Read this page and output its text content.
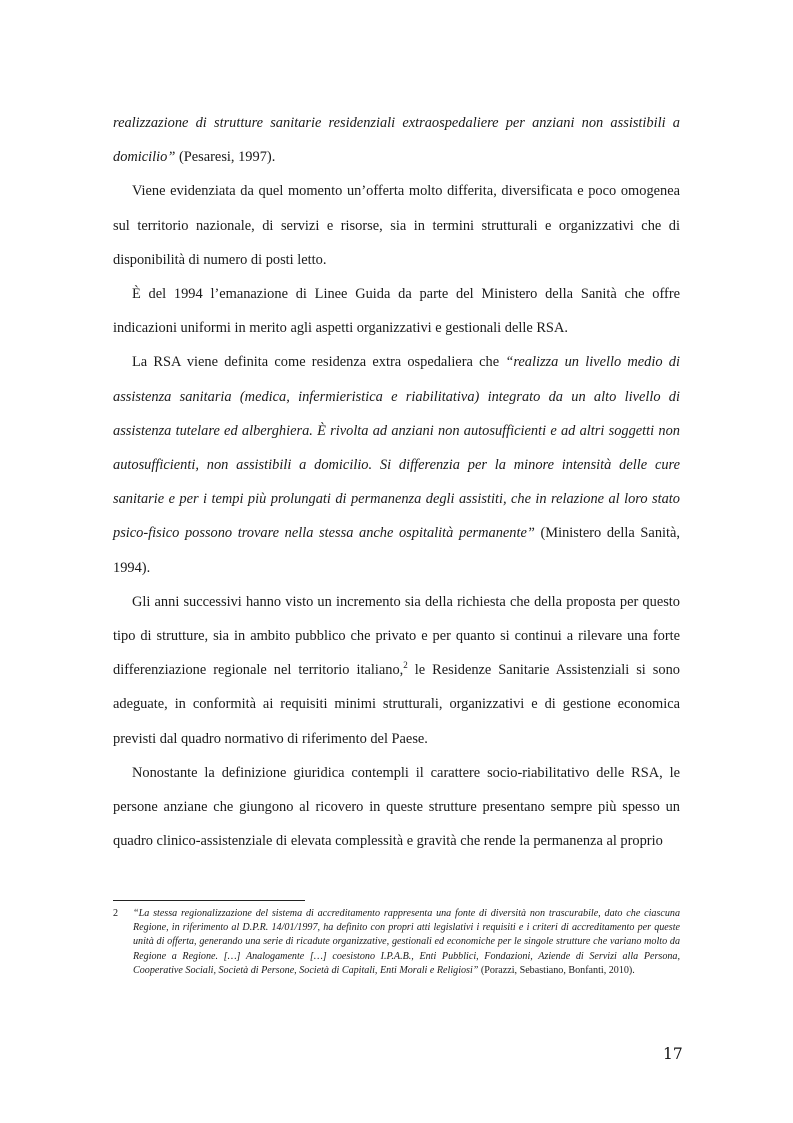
realizzazione di strutture sanitarie residenziali extraospedaliere per anziani non assistibili a domicilio” (Pesaresi, 1997).

Viene evidenziata da quel momento un’offerta molto differita, diversificata e poco omogenea sul territorio nazionale, di servizi e risorse, sia in termini strutturali e organizzativi che di disponibilità di numero di posti letto.

È del 1994 l’emanazione di Linee Guida da parte del Ministero della Sanità che offre indicazioni uniformi in merito agli aspetti organizzativi e gestionali delle RSA.

La RSA viene definita come residenza extra ospedaliera che “realizza un livello medio di assistenza sanitaria (medica, infermieristica e riabilitativa) integrato da un alto livello di assistenza tutelare ed alberghiera. È rivolta ad anziani non autosufficienti e ad altri soggetti non autosufficienti, non assistibili a domicilio. Si differenzia per la minore intensità delle cure sanitarie e per i tempi più prolungati di permanenza degli assistiti, che in relazione al loro stato psico-fisico possono trovare nella stessa anche ospitalità permanente” (Ministero della Sanità, 1994).

Gli anni successivi hanno visto un incremento sia della richiesta che della proposta per questo tipo di strutture, sia in ambito pubblico che privato e per quanto si continui a rilevare una forte differenziazione regionale nel territorio italiano,$^2$ le Residenze Sanitarie Assistenziali si sono adeguate, in conformità ai requisiti minimi strutturali, organizzativi e di gestione economica previsti dal quadro normativo di riferimento del Paese.

Nonostante la definizione giuridica contempli il carattere socio-riabilitativo delle RSA, le persone anziane che giungono al ricovero in queste strutture presentano sempre più spesso un quadro clinico-assistenziale di elevata complessità e gravità che rende la permanenza al proprio

2 “La stessa regionalizzazione del sistema di accreditamento rappresenta una fonte di diversità non trascurabile, dato che ciascuna Regione, in riferimento al D.P.R. 14/01/1997, ha definito con propri atti legislativi i requisiti e i criteri di accreditamento per queste unità di offerta, generando una serie di ricadute organizzative, gestionali ed economiche per le singole strutture che variano molto da Regione a Regione. […] Analogamente […] coesistono I.P.A.B., Enti Pubblici, Fondazioni, Aziende di Servizi alla Persona, Cooperative Sociali, Società di Persone, Società di Capitali, Enti Morali e Religiosi” (Porazzi, Sebastiano, Bonfanti, 2010).

17
